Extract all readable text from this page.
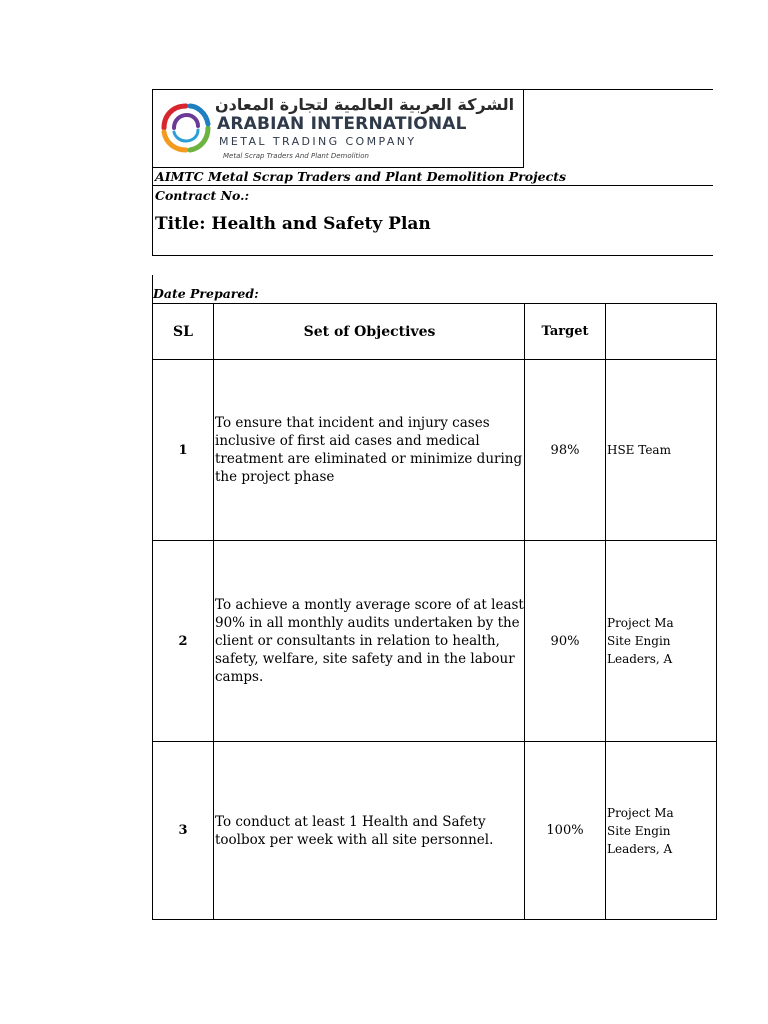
الشركة العربية العالمية لتجارة المعادن
ARABIAN INTERNATIONAL
METAL TRADING COMPANY
Metal Scrap Traders And Plant Demolition
AIMTC Metal Scrap Traders and Plant Demolition Projects
Contract No.:
Title: Health and Safety Plan
Date Prepared:
SL	Set of Objectives	Target	
1	To ensure that incident and injury cases inclusive of first aid cases and medical treatment are eliminated or minimize during the project phase	98%	HSE Team

2	To achieve a montly average score of at least 90% in all monthly audits undertaken by the client or consultants in relation to health, safety, welfare, site safety and in the labour camps.	90%	Project Ma
Site Engin
Leaders, A

3	To conduct at least 1 Health and Safety toolbox per week with all site personnel.	100%	Project Ma
Site Engin
Leaders, A
